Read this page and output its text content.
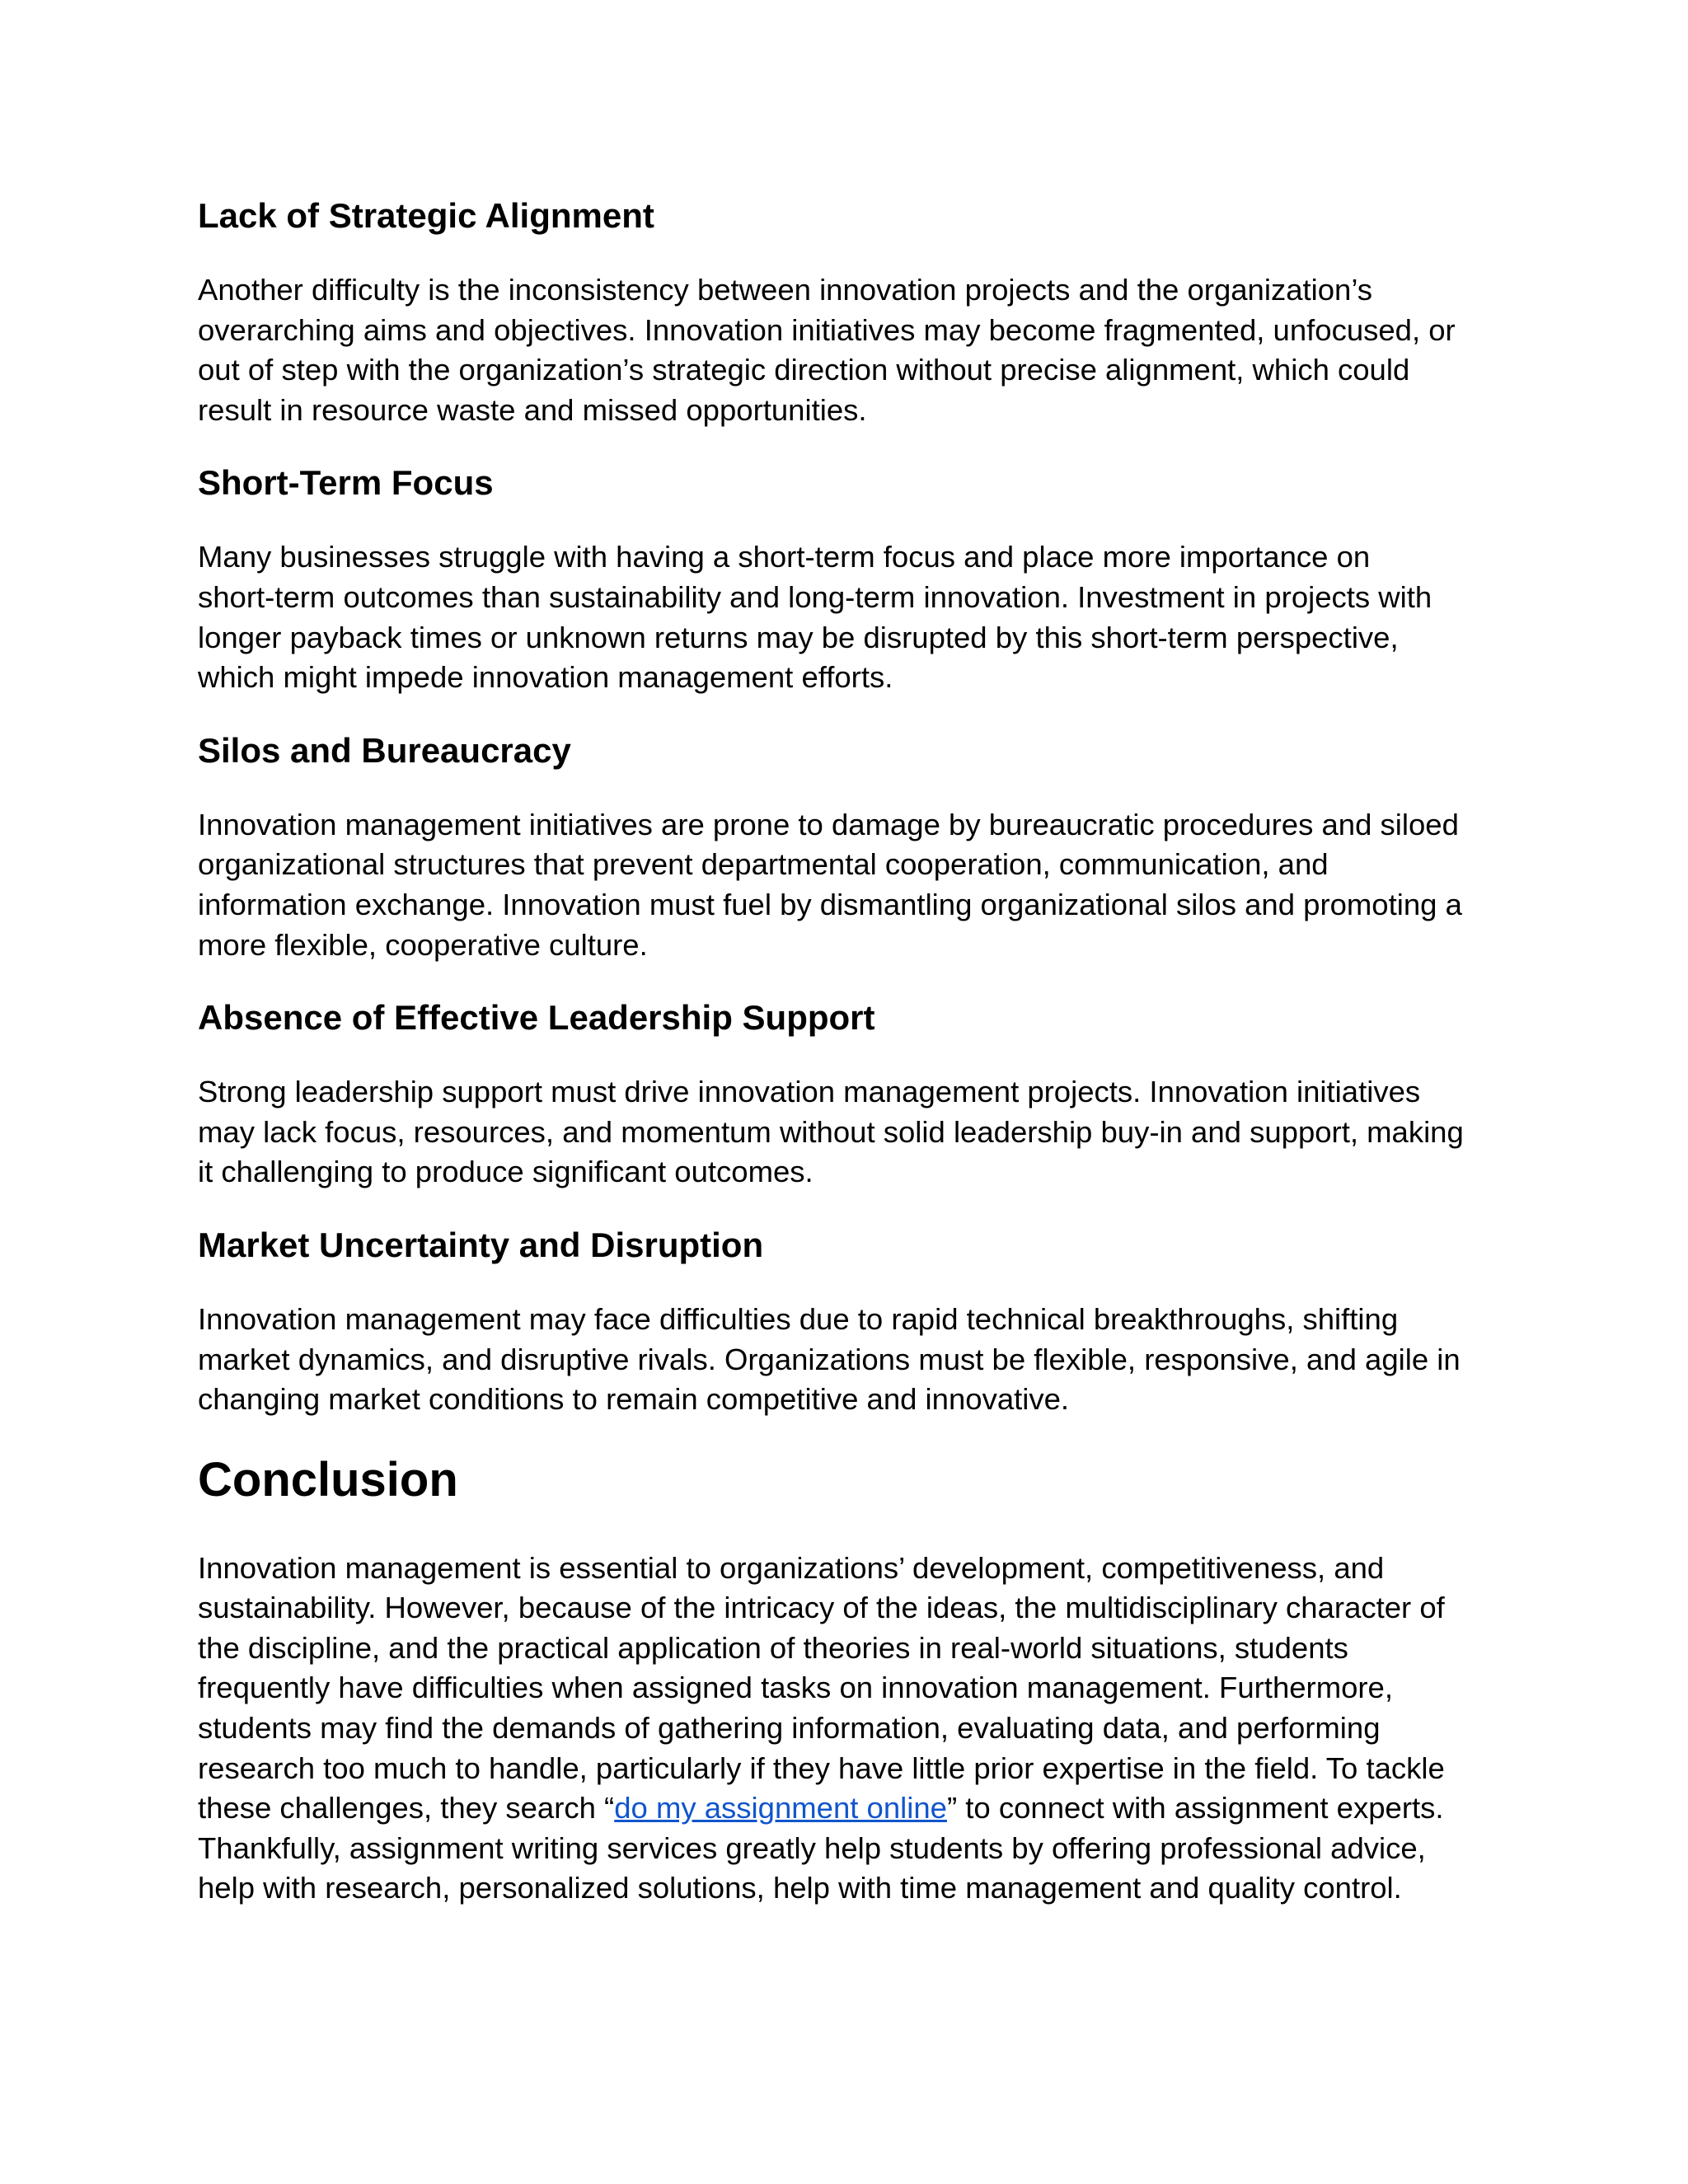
Lack of Strategic Alignment

Another difficulty is the inconsistency between innovation projects and the organization’s
overarching aims and objectives. Innovation initiatives may become fragmented, unfocused, or
out of step with the organization’s strategic direction without precise alignment, which could
result in resource waste and missed opportunities.

Short-Term Focus

Many businesses struggle with having a short-term focus and place more importance on
short-term outcomes than sustainability and long-term innovation. Investment in projects with
longer payback times or unknown returns may be disrupted by this short-term perspective,
which might impede innovation management efforts.

Silos and Bureaucracy

Innovation management initiatives are prone to damage by bureaucratic procedures and siloed
organizational structures that prevent departmental cooperation, communication, and
information exchange. Innovation must fuel by dismantling organizational silos and promoting a
more flexible, cooperative culture.

Absence of Effective Leadership Support

Strong leadership support must drive innovation management projects. Innovation initiatives
may lack focus, resources, and momentum without solid leadership buy-in and support, making
it challenging to produce significant outcomes.

Market Uncertainty and Disruption

Innovation management may face difficulties due to rapid technical breakthroughs, shifting
market dynamics, and disruptive rivals. Organizations must be flexible, responsive, and agile in
changing market conditions to remain competitive and innovative.

Conclusion

Innovation management is essential to organizations’ development, competitiveness, and
sustainability. However, because of the intricacy of the ideas, the multidisciplinary character of
the discipline, and the practical application of theories in real-world situations, students
frequently have difficulties when assigned tasks on innovation management. Furthermore,
students may find the demands of gathering information, evaluating data, and performing
research too much to handle, particularly if they have little prior expertise in the field. To tackle
these challenges, they search “do my assignment online” to connect with assignment experts.
Thankfully, assignment writing services greatly help students by offering professional advice,
help with research, personalized solutions, help with time management and quality control.
